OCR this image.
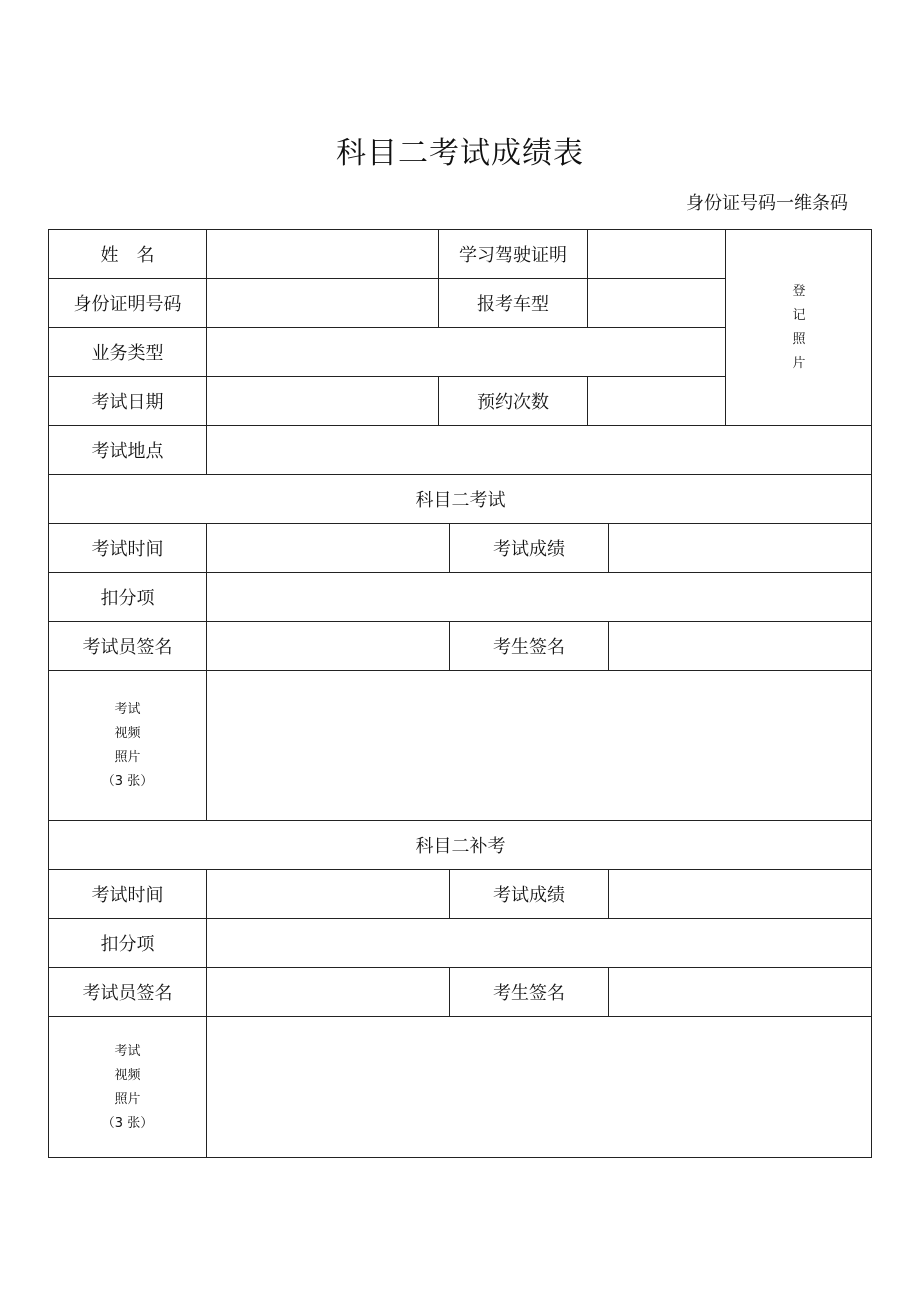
科目二考试成绩表
身份证号码一维条码
姓　名	学习驾驶证明
登
记
照
片
身份证明号码	报考车型
业务类型
考试日期	预约次数
考试地点
科目二考试
考试时间	考试成绩
扣分项
考试员签名	考生签名
考试
视频
照片
（3 张）
科目二补考
考试时间	考试成绩
扣分项
考试员签名	考生签名
考试
视频
照片
（3 张）
